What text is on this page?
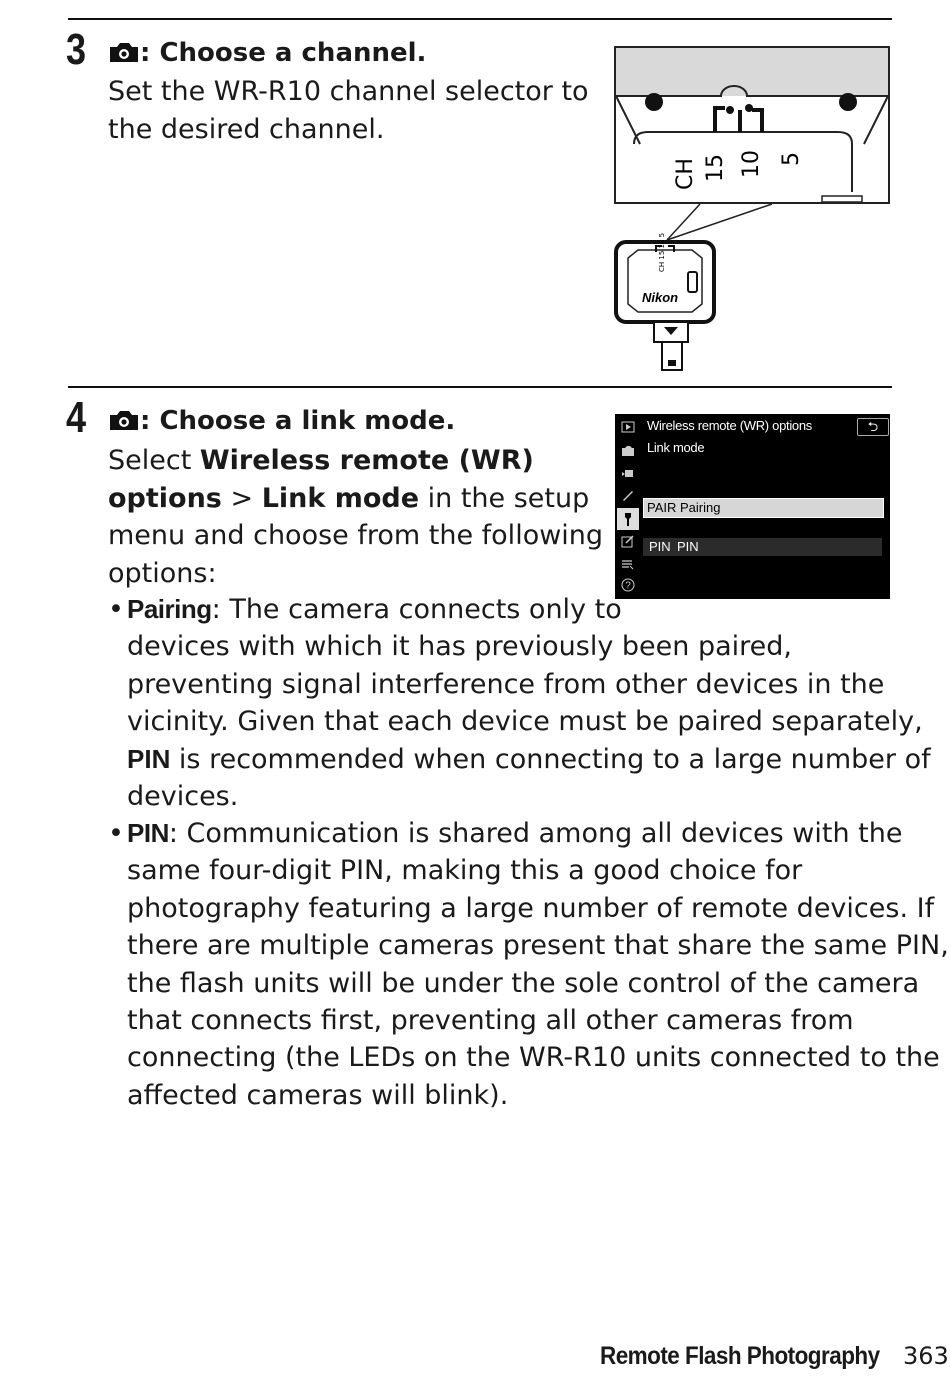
3	: Choose a channel.
Set the WR-R10 channel selector to
the desired channel.
CH 15 10 5
CH 15 10 5
Nikon
4	: Choose a link mode.
Select Wireless remote (WR)
options > Link mode in the setup
menu and choose from the following
options:	?
Wireless remote (WR) options	⮌
Link mode
PAIR Pairing
PIN PIN
• Pairing: The camera connects only to
devices with which it has previously been paired,
preventing signal interference from other devices in the
vicinity. Given that each device must be paired separately,
PIN is recommended when connecting to a large number of
devices.
• PIN: Communication is shared among all devices with the
same four-digit PIN, making this a good choice for
photography featuring a large number of remote devices. If
there are multiple cameras present that share the same PIN,
the flash units will be under the sole control of the camera
that connects first, preventing all other cameras from
connecting (the LEDs on the WR-R10 units connected to the
affected cameras will blink).
Remote Flash Photography 363
